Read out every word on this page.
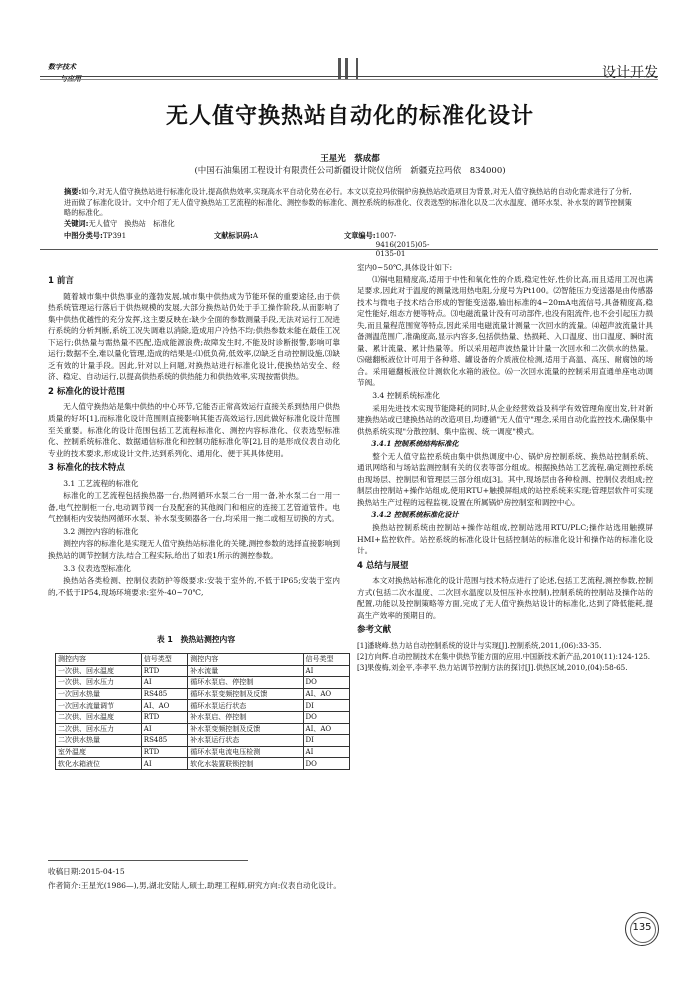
数字技术
与应用	设计开发
无人值守换热站自动化的标准化设计
王星光　蔡成都
(中国石油集团工程设计有限责任公司新疆设计院仪信所　新疆克拉玛依　834000)
摘要:如今,对无人值守换热站进行标准化设计,提高供热效率,实现高水平自动化势在必行。本文以克拉玛依锅炉房换热站改造项目为背景,对无人值守换热站的自动化需求进行了分析,进而做了标准化设计。文中介绍了无人值守换热站工艺流程的标准化、测控参数的标准化、测控系统的标准化、仪表选型的标准化以及二次水温度、循环水泵、补水泵的调节控制策略的标准化。
关键词:无人值守　换热站　标准化
中图分类号: TP391	文献标识码: A	文章编号: 1007-9416(2015)05-0135-01
1 前言

随着城市集中供热事业的蓬勃发展,城市集中供热成为节能环保的重要途径,由于供热系统管理运行落后于供热规模的发展,大部分换热站仍处于手工操作阶段,从而影响了集中供热优越性的充分发挥,这主要反映在:缺少全面的参数测量手段,无法对运行工况进行系统的分析判断,系统工况失调难以消除,造成用户冷热不均;供热参数未能在最佳工况下运行;供热量与需热量不匹配,造成能源浪费;故障发生时,不能及时诊断报警,影响可靠运行;数据不全,难以量化管理,造成的结果是:⑴低负荷,低效率,⑵缺乏自动控制设施,⑶缺乏有效的计量手段。因此,针对以上问题,对换热站进行标准化设计,使换热站安全、经济、稳定、自动运行,以提高供热系统的供热能力和供热效率,实现按需供热。

2 标准化的设计范围

无人值守换热站是集中供热的中心环节,它能否正常高效运行直接关系到热用户供热质量的好坏[1],而标准化设计范围则直接影响其能否高效运行,因此做好标准化设计范围至关重要。标准化的设计范围包括工艺流程标准化、测控内容标准化、仪表选型标准化、控制系统标准化、数据通信标准化和控制功能标准化等[2],目的是形成仪表自动化专业的技术要求,形成设计文件,达到系列化、通用化、便于其具体使用。

3 标准化的技术特点
3.1 工艺流程的标准化

标准化的工艺流程包括换热器一台,热网循环水泵二台一用一备,补水泵二台一用一备,电气控制柜一台,电动调节阀一台及配套的其他阀门和相应的连接工艺管道管件。电气控制柜内安装热网循环水泵、补水泵变频器各一台,均采用一拖二或相互切换的方式。

3.2 测控内容的标准化

测控内容的标准化是实现无人值守换热站标准化的关键,测控参数的选择直接影响到换热站的调节控制方法,结合工程实际,给出了如表1所示的测控参数。

3.3 仪表选型标准化

换热站各类检测、控制仪表防护等级要求:安装于室外的,不低于IP65;安装于室内的,不低于IP54,现场环境要求:室外-40~70℃,

表 1　换热站测控内容
测控内容	信号类型	测控内容	信号类型
一次供、回水温度	RTD	补水流量	AI
一次供、回水压力	AI	循环水泵启、停控制	DO
一次回水热量	RS485	循环水泵变频控制及反馈	AI、AO
一次回水流量调节	AI、AO	循环水泵运行状态	DI
二次供、回水温度	RTD	补水泵启、停控制	DO
二次供、回水压力	AI	补水泵变频控制及反馈	AI、AO
二次供水热量	RS485	补水泵运行状态	DI
室外温度	RTD	循环水泵电流电压检测	AI
软化水箱液位	AI	软化水装置联锁控制	DO

室内0~50℃,具体设计如下:

⑴锅电阻精度高,适用于中性和氧化性的介质,稳定性好,性价比高,而且适用工况也满足要求,因此对于温度的测量选用热电阻,分度号为Pt100。⑵智能压力变送器是由传感器技术与微电子技术结合形成的智能变送器,输出标准的4~20mA电流信号,具备精度高,稳定性能好,组态方便等特点。⑶电磁流量计没有可动部件,也没有阻流件,也不会引起压力损失,而且量程范围宽等特点,因此采用电磁流量计测量一次回水的流量。⑷超声波流量计具备测温范围广,准确度高,显示内容多,包括供热量、热损耗、入口温度、出口温度、瞬时流量、累计流量、累计热量等。所以采用超声波热量计计量一次回水和二次供水的热量。⑸磁翻板液位计可用于各种塔、罐设备的介质液位检测,适用于高温、高压、耐腐蚀的场合。采用磁翻板液位计测软化水箱的液位。⑹一次回水流量的控制采用直通单座电动调节阀。

3.4 控制系统标准化

采用先进技术实现节能降耗的同时,从企业经营效益及科学有效管理角度出发,针对新建换热站或已建换热站的改造项目,均遵循"无人值守"理念,采用自动化监控技术,确保集中供热系统实现"分散控制、集中监视、统一调度"模式。

3.4.1 控制系统结构标准化

整个无人值守监控系统由集中供热调度中心、锅炉房控制系统、换热站控制系统、通讯网络和与场站监测控制有关的仪表等部分组成。根据换热站工艺流程,确定测控系统由现场层、控制层和管理层三部分组成[3]。其中,现场层由各种检测、控制仪表组成;控制层由控制站+操作站组成,使用RTU+触摸屏组成的站控系统来实现;管理层软件可实现换热站生产过程的远程监视,设置在所属锅炉房控制室和调控中心。

3.4.2 控制系统标准化设计

换热站控制系统由控制站+操作站组成,控制站选用RTU/PLC;操作站选用触摸屏HMI+监控软件。站控系统的标准化设计包括控制站的标准化设计和操作站的标准化设计。

4 总结与展望

本文对换热站标准化的设计范围与技术特点进行了论述,包括工艺流程,测控参数,控制方式(包括二次水温度、二次回水温度以及恒压补水控制),控制系统的控制站及操作站的配置,功能以及控制策略等方面,完成了无人值守换热站设计的标准化,达到了降低能耗,提高生产效率的预期目的。

参考文献

[1]潘晓峰.热力站自动控制系统的设计与实现[J].控制系统,2011,(06):33-35.

[2]方向辉.自动控制技术在集中供热节能方面的应用.中国新技术新产品,2010(11):124-125.

[3]果俊梅,刘金平,李孝平.热力站调节控制方法的探讨[J].供热区域,2010,(04):58-65.

收稿日期:2015-04-15
作者简介:王星光(1986—),男,湖北安陆人,硕士,助理工程师,研究方向:仪表自动化设计。
135
